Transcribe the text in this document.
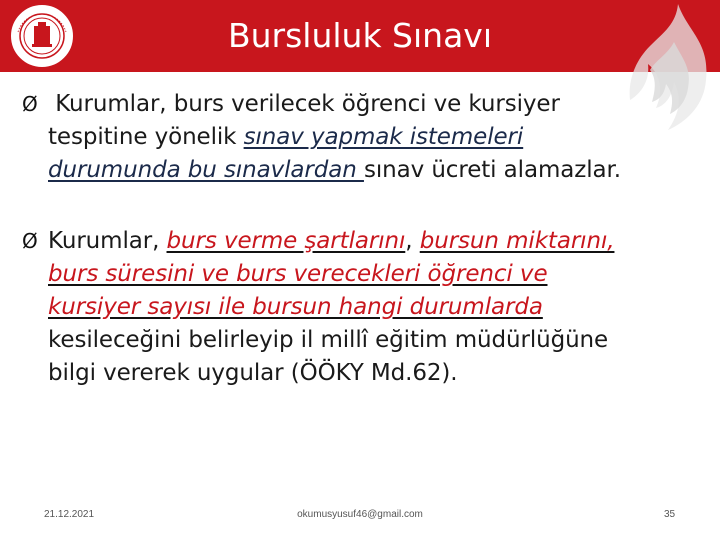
Bursluluk Sınavı
Ø Kurumlar, burs verilecek öğrenci ve kursiyer
tespitine yönelik sınav yapmak istemeleri
durumunda bu sınavlardan sınav ücreti alamazlar.
Ø Kurumlar, burs verme şartlarını, bursun miktarını,
burs süresini ve burs verecekleri öğrenci ve
kursiyer sayısı ile bursun hangi durumlarda
kesileceğini belirleyip il millî eğitim müdürlüğüne
bilgi vererek uygular (ÖÖKY Md.62).
21.12.2021	okumusyusuf46@gmail.com	35
